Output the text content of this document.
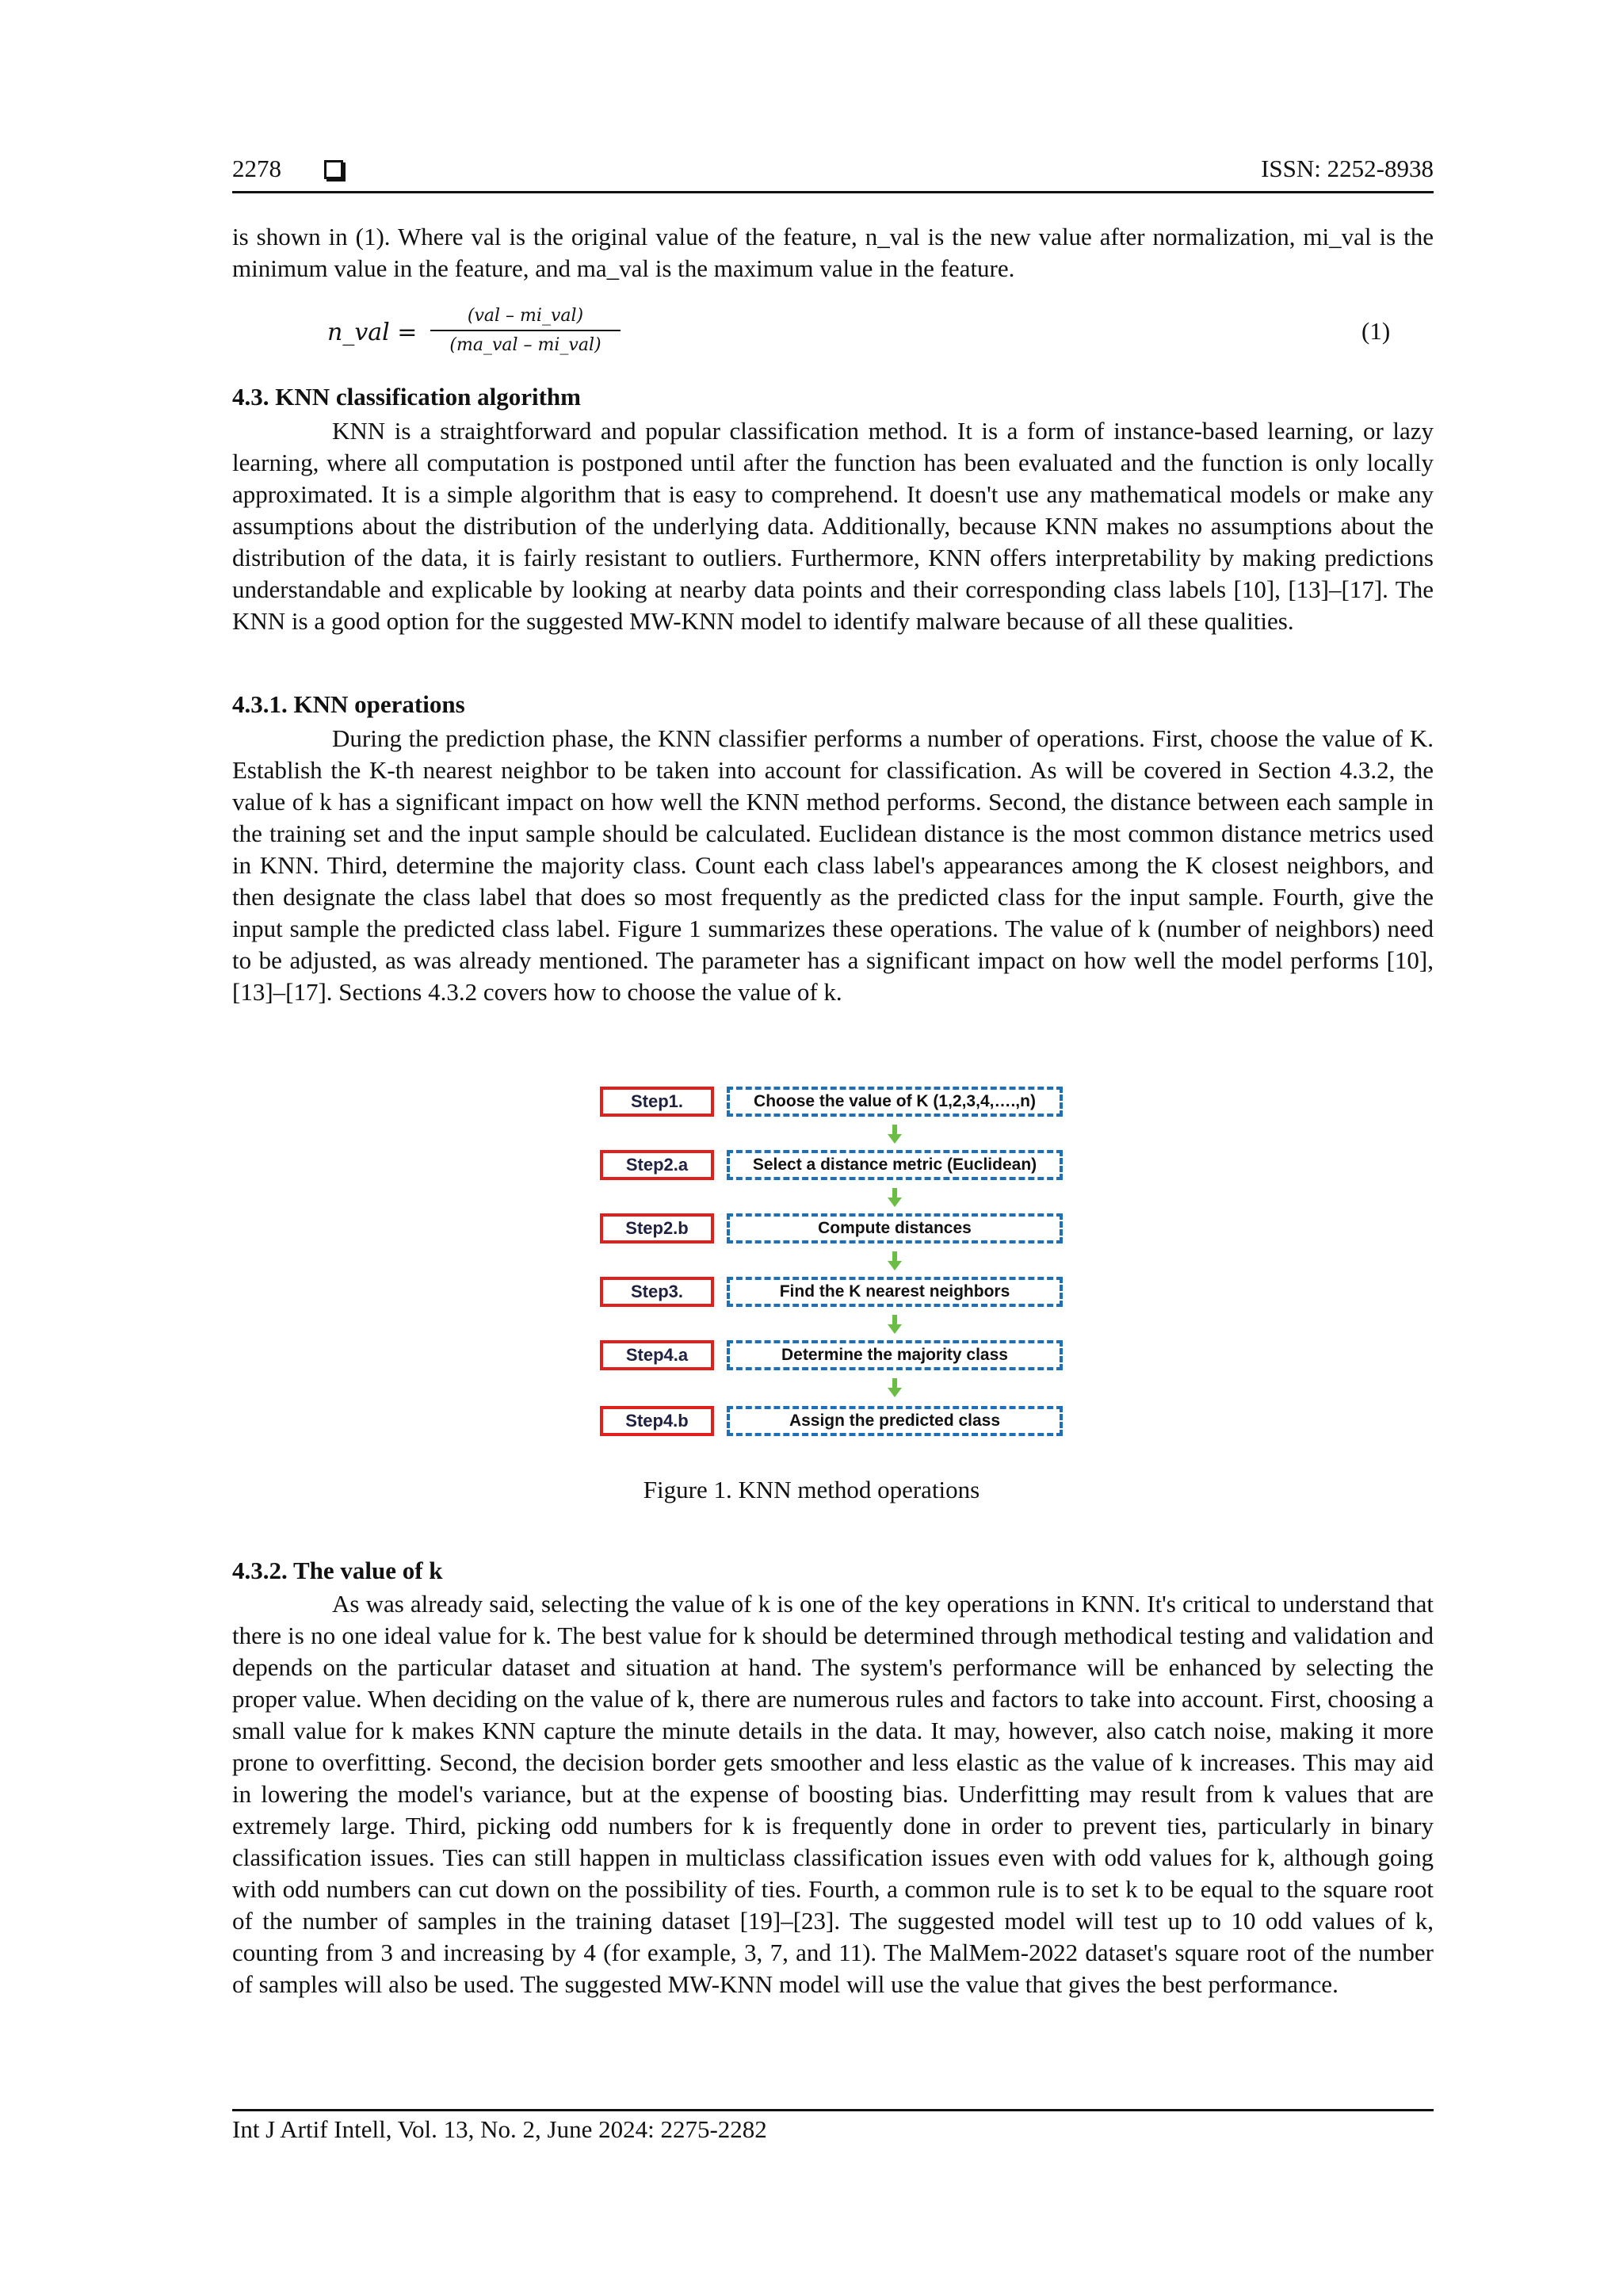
2278	ISSN: 2252-8938

is shown in (1). Where val is the original value of the feature, n_val is the new value after normalization, mi_val is the minimum value in the feature, and ma_val is the maximum value in the feature.

n_val =
(val – mi_val)
(ma_val – mi_val)
(1)
4.3. KNN classification algorithm

KNN is a straightforward and popular classification method. It is a form of instance-based learning, or lazy learning, where all computation is postponed until after the function has been evaluated and the function is only locally approximated. It is a simple algorithm that is easy to comprehend. It doesn't use any mathematical models or make any assumptions about the distribution of the underlying data. Additionally, because KNN makes no assumptions about the distribution of the data, it is fairly resistant to outliers. Furthermore, KNN offers interpretability by making predictions understandable and explicable by looking at nearby data points and their corresponding class labels [10], [13]–[17]. The KNN is a good option for the suggested MW-KNN model to identify malware because of all these qualities.

4.3.1. KNN operations

During the prediction phase, the KNN classifier performs a number of operations. First, choose the value of K. Establish the K-th nearest neighbor to be taken into account for classification. As will be covered in Section 4.3.2, the value of k has a significant impact on how well the KNN method performs. Second, the distance between each sample in the training set and the input sample should be calculated. Euclidean distance is the most common distance metrics used in KNN. Third, determine the majority class. Count each class label's appearances among the K closest neighbors, and then designate the class label that does so most frequently as the predicted class for the input sample. Fourth, give the input sample the predicted class label. Figure 1 summarizes these operations. The value of k (number of neighbors) need to be adjusted, as was already mentioned. The parameter has a significant impact on how well the model performs [10], [13]–[17]. Sections 4.3.2 covers how to choose the value of k.

Step1.	Choose the value of K (1,2,3,4,….,n)
Step2.a	Select a distance metric (Euclidean)
Step2.b	Compute distances
Step3.	Find the K nearest neighbors
Step4.a	Determine the majority class
Step4.b	Assign the predicted class
Figure 1. KNN method operations
4.3.2. The value of k

As was already said, selecting the value of k is one of the key operations in KNN. It's critical to understand that there is no one ideal value for k. The best value for k should be determined through methodical testing and validation and depends on the particular dataset and situation at hand. The system's performance will be enhanced by selecting the proper value. When deciding on the value of k, there are numerous rules and factors to take into account. First, choosing a small value for k makes KNN capture the minute details in the data. It may, however, also catch noise, making it more prone to overfitting. Second, the decision border gets smoother and less elastic as the value of k increases. This may aid in lowering the model's variance, but at the expense of boosting bias. Underfitting may result from k values that are extremely large. Third, picking odd numbers for k is frequently done in order to prevent ties, particularly in binary classification issues. Ties can still happen in multiclass classification issues even with odd values for k, although going with odd numbers can cut down on the possibility of ties. Fourth, a common rule is to set k to be equal to the square root of the number of samples in the training dataset [19]–[23]. The suggested model will test up to 10 odd values of k, counting from 3 and increasing by 4 (for example, 3, 7, and 11). The MalMem-2022 dataset's square root of the number of samples will also be used. The suggested MW-KNN model will use the value that gives the best performance.

Int J Artif Intell, Vol. 13, No. 2, June 2024: 2275-2282
